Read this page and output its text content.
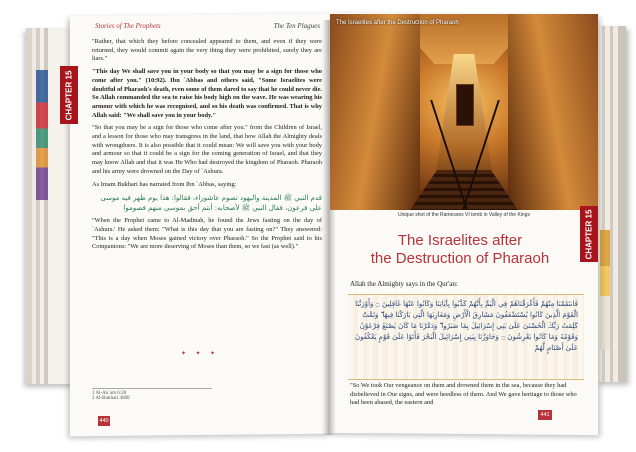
CHAPTER 15
Stories of The Prophets	The Ten Plagues

"Rather, that which they before concealed appeared to them, and even if they were returned, they would commit again the very thing they were prohibited, surely they are liars."

"This day We shall save you in your body so that you may be a sign for those who come after you." (10:92). Ibn `Abbas and others said, "Some Israelites were doubtful of Pharaoh's death, even some of them dared to say that he could never die. So Allah commanded the sea to raise his body high on the wave. He was wearing his armour with which he was recognised, and so his death was confirmed. That is why Allah said: "We shall save you in your body."

"So that you may be a sign for those who come after you." from the Children of Israel, and a lesson for those who may transgress in the land, that how Allah the Almighty deals with wrongdoers. It is also possible that it could mean: We will save you with your body and armour so that it could be a sign for the coming generation of Israel, and that they may know Allah and that it was He Who had destroyed the kingdom of Pharaoh. Pharaoh and his army were drowned on the Day of `Ashura.

As Imam Bukhari has narrated from Ibn `Abbas, saying:

قدم النبي ﷺ المدينة واليهود تصوم عاشوراء، فقالوا: هذا يوم ظهر فيه موسى على فرعون، فقال النبي ﷺ لأصحابه: أنتم أحق بموسى منهم فصوموا

"When the Prophet came to Al-Madinah, he found the Jews fasting on the day of `Ashura.' He asked them: "What is this day that you are fasting on?" They answered: "This is a day when Moses gained victory over Pharaoh." So the Prophet said to his Companions: "We are more deserving of Moses than them, so we fast (as well)."

✦ ✦ ✦
1 Al-An`am 6:28
2 Al-Bukhari 4680
440
The Israelites after the Destruction of Pharaoh
Unique shot of the Ramesses VI tomb in Valley of the Kings	CHAPTER 15
The Israelites after
the Destruction of Pharaoh
Allah the Almighty says in the Qur'an:
فَانتَقَمْنَا مِنْهُمْ فَأَغْرَقْنَاهُمْ فِي الْيَمِّ بِأَنَّهُمْ كَذَّبُوا بِآيَاتِنَا وَكَانُوا عَنْهَا غَافِلِينَ ۝ وَأَوْرَثْنَا الْقَوْمَ الَّذِينَ كَانُوا يُسْتَضْعَفُونَ مَشَارِقَ الْأَرْضِ وَمَغَارِبَهَا الَّتِي بَارَكْنَا فِيهَا ۖ وَتَمَّتْ كَلِمَتُ رَبِّكَ الْحُسْنَىٰ عَلَىٰ بَنِي إِسْرَائِيلَ بِمَا صَبَرُوا ۖ وَدَمَّرْنَا مَا كَانَ يَصْنَعُ فِرْعَوْنُ وَقَوْمُهُ وَمَا كَانُوا يَعْرِشُونَ ۝ وَجَاوَزْنَا بِبَنِي إِسْرَائِيلَ الْبَحْرَ فَأَتَوْا عَلَىٰ قَوْمٍ يَعْكُفُونَ عَلَىٰ أَصْنَامٍ لَّهُمْ
"So We took Our vengeance on them and drowned them in the sea, because they had disbelieved in Our signs, and were heedless of them. And We gave heritage to those who had been abased, the eastern and
441
